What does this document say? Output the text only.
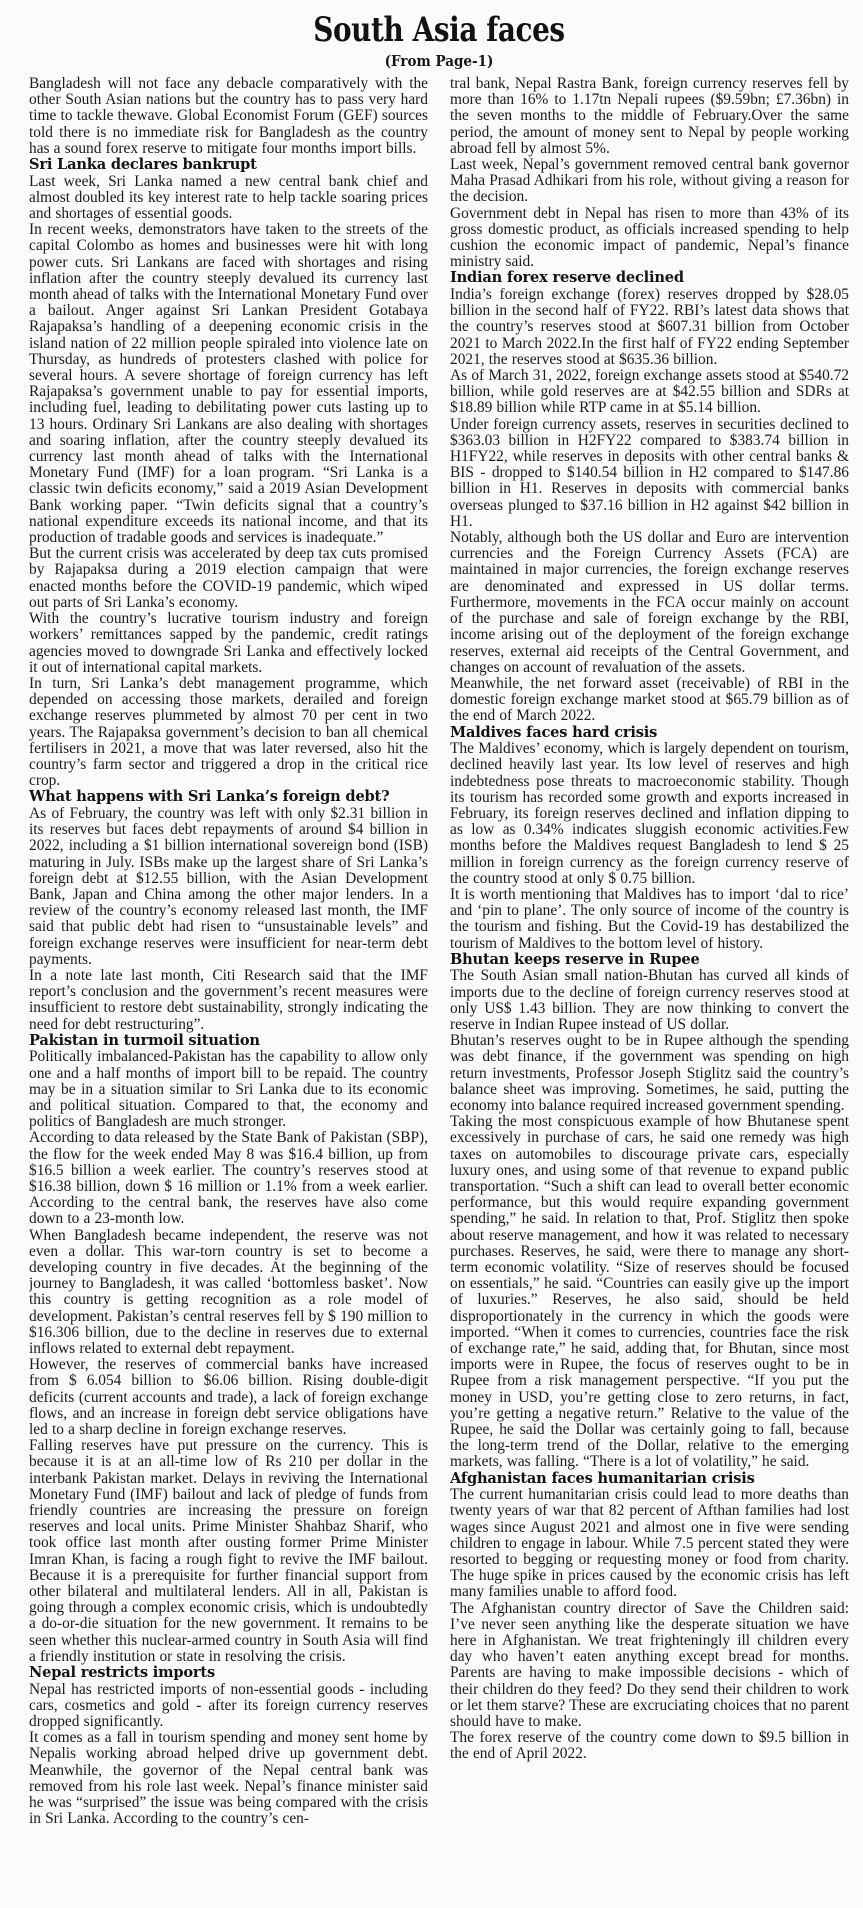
South Asia faces
(From Page-1)

Bangladesh will not face any debacle comparatively with the other South Asian nations but the country has to pass very hard time to tackle thewave. Global Economist Forum (GEF) sources told there is no immediate risk for Bangladesh as the country has a sound forex reserve to mitigate four months import bills.

Sri Lanka declares bankrupt

Last week, Sri Lanka named a new central bank chief and almost doubled its key interest rate to help tackle soaring prices and shortages of essential goods.

In recent weeks, demonstrators have taken to the streets of the capital Colombo as homes and businesses were hit with long power cuts. Sri Lankans are faced with shortages and rising inflation after the country steeply devalued its currency last month ahead of talks with the International Monetary Fund over a bailout. Anger against Sri Lankan President Gotabaya Rajapaksa’s handling of a deepening economic crisis in the island nation of 22 million people spiraled into violence late on Thursday, as hundreds of protesters clashed with police for several hours. A severe shortage of foreign currency has left Rajapaksa’s government unable to pay for essential imports, including fuel, leading to debilitating power cuts lasting up to 13 hours. Ordinary Sri Lankans are also dealing with shortages and soaring inflation, after the country steeply devalued its currency last month ahead of talks with the International Monetary Fund (IMF) for a loan program. “Sri Lanka is a classic twin deficits economy,” said a 2019 Asian Development Bank working paper. “Twin deficits signal that a country’s national expenditure exceeds its national income, and that its production of tradable goods and services is inadequate.”

But the current crisis was accelerated by deep tax cuts promised by Rajapaksa during a 2019 election campaign that were enacted months before the COVID-19 pandemic, which wiped out parts of Sri Lanka’s economy.

With the country’s lucrative tourism industry and foreign workers’ remittances sapped by the pandemic, credit ratings agencies moved to downgrade Sri Lanka and effectively locked it out of international capital markets.

In turn, Sri Lanka’s debt management programme, which depended on accessing those markets, derailed and foreign exchange reserves plummeted by almost 70 per cent in two years. The Rajapaksa government’s decision to ban all chemical fertilisers in 2021, a move that was later reversed, also hit the country’s farm sector and triggered a drop in the critical rice crop.

What happens with Sri Lanka’s foreign debt?

As of February, the country was left with only $2.31 billion in its reserves but faces debt repayments of around $4 billion in 2022, including a $1 billion international sovereign bond (ISB) maturing in July. ISBs make up the largest share of Sri Lanka’s foreign debt at $12.55 billion, with the Asian Development Bank, Japan and China among the other major lenders. In a review of the country’s economy released last month, the IMF said that public debt had risen to “unsustainable levels” and foreign exchange reserves were insufficient for near-term debt payments.

In a note late last month, Citi Research said that the IMF report’s conclusion and the government’s recent measures were insufficient to restore debt sustainability, strongly indicating the need for debt restructuring”.

Pakistan in turmoil situation

Politically imbalanced-Pakistan has the capability to allow only one and a half months of import bill to be repaid. The country may be in a situation similar to Sri Lanka due to its economic and political situation. Compared to that, the economy and politics of Bangladesh are much stronger.

According to data released by the State Bank of Pakistan (SBP), the flow for the week ended May 8 was $16.4 billion, up from $16.5 billion a week earlier. The country’s reserves stood at $16.38 billion, down $ 16 million or 1.1% from a week earlier. According to the central bank, the reserves have also come down to a 23-month low.

When Bangladesh became independent, the reserve was not even a dollar. This war-torn country is set to become a developing country in five decades. At the beginning of the journey to Bangladesh, it was called ‘bottomless basket’. Now this country is getting recognition as a role model of development. Pakistan’s central reserves fell by $ 190 million to $16.306 billion, due to the decline in reserves due to external inflows related to external debt repayment.

However, the reserves of commercial banks have increased from $ 6.054 billion to $6.06 billion. Rising double-digit deficits (current accounts and trade), a lack of foreign exchange flows, and an increase in foreign debt service obligations have led to a sharp decline in foreign exchange reserves.

Falling reserves have put pressure on the currency. This is because it is at an all-time low of Rs 210 per dollar in the interbank Pakistan market. Delays in reviving the International Monetary Fund (IMF) bailout and lack of pledge of funds from friendly countries are increasing the pressure on foreign reserves and local units. Prime Minister Shahbaz Sharif, who took office last month after ousting former Prime Minister Imran Khan, is facing a rough fight to revive the IMF bailout. Because it is a prerequisite for further financial support from other bilateral and multilateral lenders. All in all, Pakistan is going through a complex economic crisis, which is undoubtedly a do-or-die situation for the new government. It remains to be seen whether this nuclear-armed country in South Asia will find a friendly institution or state in resolving the crisis.

Nepal restricts imports

Nepal has restricted imports of non-essential goods - including cars, cosmetics and gold - after its foreign currency reserves dropped significantly.

It comes as a fall in tourism spending and money sent home by Nepalis working abroad helped drive up government debt. Meanwhile, the governor of the Nepal central bank was removed from his role last week. Nepal’s finance minister said he was “surprised” the issue was being compared with the crisis in Sri Lanka. According to the country’s cen-

tral bank, Nepal Rastra Bank, foreign currency reserves fell by more than 16% to 1.17tn Nepali rupees ($9.59bn; £7.36bn) in the seven months to the middle of February.Over the same period, the amount of money sent to Nepal by people working abroad fell by almost 5%.

Last week, Nepal’s government removed central bank governor Maha Prasad Adhikari from his role, without giving a reason for the decision.

Government debt in Nepal has risen to more than 43% of its gross domestic product, as officials increased spending to help cushion the economic impact of pandemic, Nepal’s finance ministry said.

Indian forex reserve declined

India’s foreign exchange (forex) reserves dropped by $28.05 billion in the second half of FY22. RBI’s latest data shows that the country’s reserves stood at $607.31 billion from October 2021 to March 2022.In the first half of FY22 ending September 2021, the reserves stood at $635.36 billion.

As of March 31, 2022, foreign exchange assets stood at $540.72 billion, while gold reserves are at $42.55 billion and SDRs at $18.89 billion while RTP came in at $5.14 billion.

Under foreign currency assets, reserves in securities declined to $363.03 billion in H2FY22 compared to $383.74 billion in H1FY22, while reserves in deposits with other central banks & BIS - dropped to $140.54 billion in H2 compared to $147.86 billion in H1. Reserves in deposits with commercial banks overseas plunged to $37.16 billion in H2 against $42 billion in H1.

Notably, although both the US dollar and Euro are intervention currencies and the Foreign Currency Assets (FCA) are maintained in major currencies, the foreign exchange reserves are denominated and expressed in US dollar terms. Furthermore, movements in the FCA occur mainly on account of the purchase and sale of foreign exchange by the RBI, income arising out of the deployment of the foreign exchange reserves, external aid receipts of the Central Government, and changes on account of revaluation of the assets.

Meanwhile, the net forward asset (receivable) of RBI in the domestic foreign exchange market stood at $65.79 billion as of the end of March 2022.

Maldives faces hard crisis

The Maldives’ economy, which is largely dependent on tourism, declined heavily last year. Its low level of reserves and high indebtedness pose threats to macroeconomic stability. Though its tourism has recorded some growth and exports increased in February, its foreign reserves declined and inflation dipping to as low as 0.34% indicates sluggish economic activities.Few months before the Maldives request Bangladesh to lend $ 25 million in foreign currency as the foreign currency reserve of the country stood at only $ 0.75 billion.

It is worth mentioning that Maldives has to import ‘dal to rice’ and ‘pin to plane’. The only source of income of the country is the tourism and fishing. But the Covid-19 has destabilized the tourism of Maldives to the bottom level of history.

Bhutan keeps reserve in Rupee

The South Asian small nation-Bhutan has curved all kinds of imports due to the decline of foreign currency reserves stood at only US$ 1.43 billion. They are now thinking to convert the reserve in Indian Rupee instead of US dollar.

Bhutan’s reserves ought to be in Rupee although the spending was debt finance, if the government was spending on high return investments, Professor Joseph Stiglitz said the country’s balance sheet was improving. Sometimes, he said, putting the economy into balance required increased government spending.

Taking the most conspicuous example of how Bhutanese spent excessively in purchase of cars, he said one remedy was high taxes on automobiles to discourage private cars, especially luxury ones, and using some of that revenue to expand public transportation. “Such a shift can lead to overall better economic performance, but this would require expanding government spending,” he said. In relation to that, Prof. Stiglitz then spoke about reserve management, and how it was related to necessary purchases. Reserves, he said, were there to manage any short-term economic volatility. “Size of reserves should be focused on essentials,” he said. “Countries can easily give up the import of luxuries.” Reserves, he also said, should be held disproportionately in the currency in which the goods were imported. “When it comes to currencies, countries face the risk of exchange rate,” he said, adding that, for Bhutan, since most imports were in Rupee, the focus of reserves ought to be in Rupee from a risk management perspective. “If you put the money in USD, you’re getting close to zero returns, in fact, you’re getting a negative return.” Relative to the value of the Rupee, he said the Dollar was certainly going to fall, because the long-term trend of the Dollar, relative to the emerging markets, was falling. “There is a lot of volatility,” he said.

Afghanistan faces humanitarian crisis

The current humanitarian crisis could lead to more deaths than twenty years of war that 82 percent of Afthan families had lost wages since August 2021 and almost one in five were sending children to engage in labour. While 7.5 percent stated they were resorted to begging or requesting money or food from charity. The huge spike in prices caused by the economic crisis has left many families unable to afford food.

The Afghanistan country director of Save the Children said: I’ve never seen anything like the desperate situation we have here in Afghanistan. We treat frighteningly ill children every day who haven’t eaten anything except bread for months. Parents are having to make impossible decisions - which of their children do they feed? Do they send their children to work or let them starve? These are excruciating choices that no parent should have to make.

The forex reserve of the country come down to $9.5 billion in the end of April 2022.
